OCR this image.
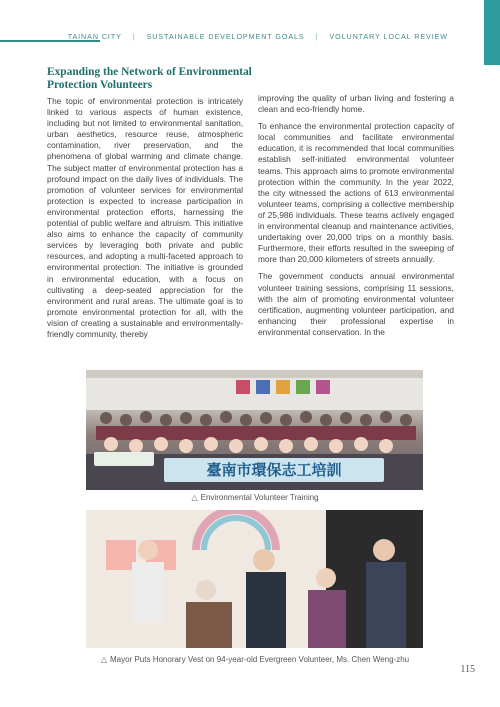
TAINAN CITY | SUSTAINABLE DEVELOPMENT GOALS | VOLUNTARY LOCAL REVIEW
Expanding the Network of Environmental Protection Volunteers

The topic of environmental protection is intricately linked to various aspects of human existence, including but not limited to environmental sanitation, urban aesthetics, resource reuse, atmospheric contamination, river preservation, and the phenomena of global warming and climate change. The subject matter of environmental protection has a profound impact on the daily lives of individuals. The promotion of volunteer services for environmental protection is expected to increase participation in environmental protection efforts, harnessing the potential of public welfare and altruism. This initiative also aims to enhance the capacity of community services by leveraging both private and public resources, and adopting a multi-faceted approach to environmental protection. The initiative is grounded in environmental education, with a focus on cultivating a deep-seated appreciation for the environment and rural areas. The ultimate goal is to promote environmental protection for all, with the vision of creating a sustainable and environmentally-friendly community, thereby

improving the quality of urban living and fostering a clean and eco-friendly home.

To enhance the environmental protection capacity of local communities and facilitate environmental education, it is recommended that local communities establish self-initiated environmental volunteer teams. This approach aims to promote environmental protection within the community. In the year 2022, the city witnessed the actions of 613 environmental volunteer teams, comprising a collective membership of 25,986 individuals. These teams actively engaged in environmental cleanup and maintenance activities, undertaking over 20,000 trips on a monthly basis. Furthermore, their efforts resulted in the sweeping of more than 20,000 kilometers of streets annually.

The government conducts annual environmental volunteer training sessions, comprising 11 sessions, with the aim of promoting environmental volunteer certification, augmenting volunteer participation, and enhancing their professional expertise in environmental conservation. In the

臺南市環保志工培訓
△ Environmental Volunteer Training
△ Mayor Puts Honorary Vest on 94-year-old Evergreen Volunteer, Ms. Chen Weng-zhu
115
